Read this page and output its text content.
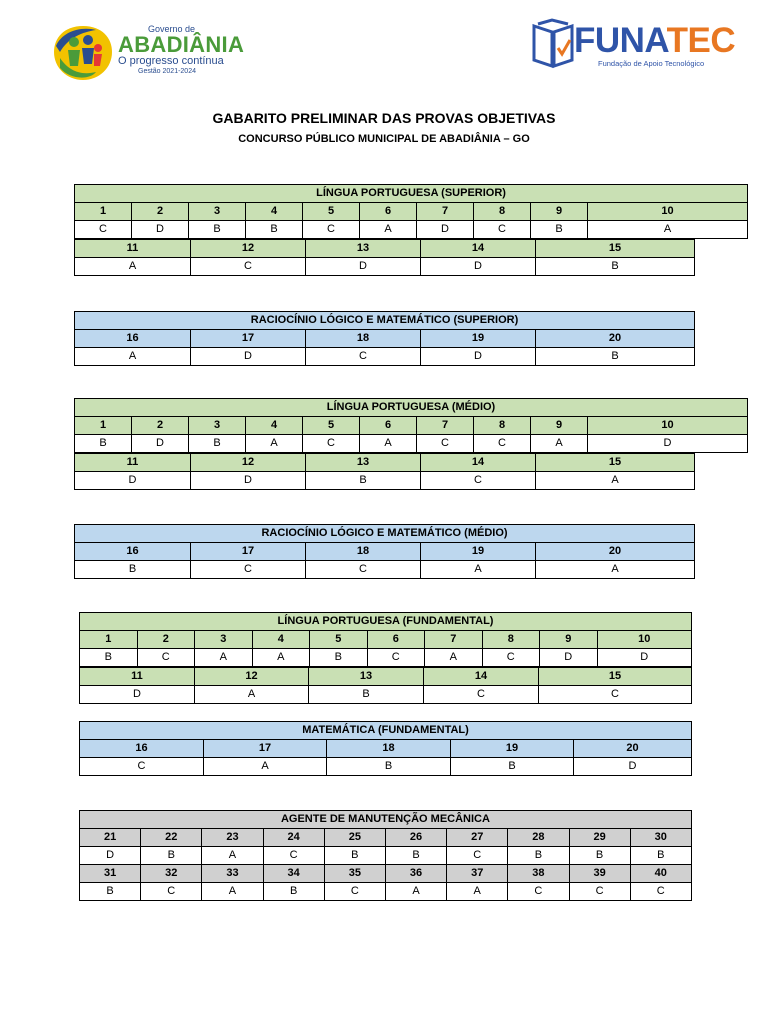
Governo de
ABADIÂNIA
O progresso contínua
Gestão 2021-2024
FUNATEC
Fundação de Apoio Tecnológico
GABARITO PRELIMINAR DAS PROVAS OBJETIVAS
CONCURSO PÚBLICO MUNICIPAL DE ABADIÂNIA – GO
LÍNGUA PORTUGUESA (SUPERIOR)									
1	2	3	4	5	6	7	8	9	10
C	D	B	B	C	A	D	C	B	A
11	12	13	14	15
A	C	D	D	B
RACIOCÍNIO LÓGICO E MATEMÁTICO (SUPERIOR)				
16	17	18	19	20
A	D	C	D	B
LÍNGUA PORTUGUESA (MÉDIO)									
1	2	3	4	5	6	7	8	9	10
B	D	B	A	C	A	C	C	A	D
11	12	13	14	15
D	D	B	C	A
RACIOCÍNIO LÓGICO E MATEMÁTICO (MÉDIO)				
16	17	18	19	20
B	C	C	A	A
LÍNGUA PORTUGUESA (FUNDAMENTAL)									
1	2	3	4	5	6	7	8	9	10
B	C	A	A	B	C	A	C	D	D
11	12	13	14	15
D	A	B	C	C
MATEMÁTICA (FUNDAMENTAL)				
16	17	18	19	20
C	A	B	B	D
AGENTE DE MANUTENÇÃO MECÂNICA									
21	22	23	24	25	26	27	28	29	30
D	B	A	C	B	B	C	B	B	B
31	32	33	34	35	36	37	38	39	40
B	C	A	B	C	A	A	C	C	C
